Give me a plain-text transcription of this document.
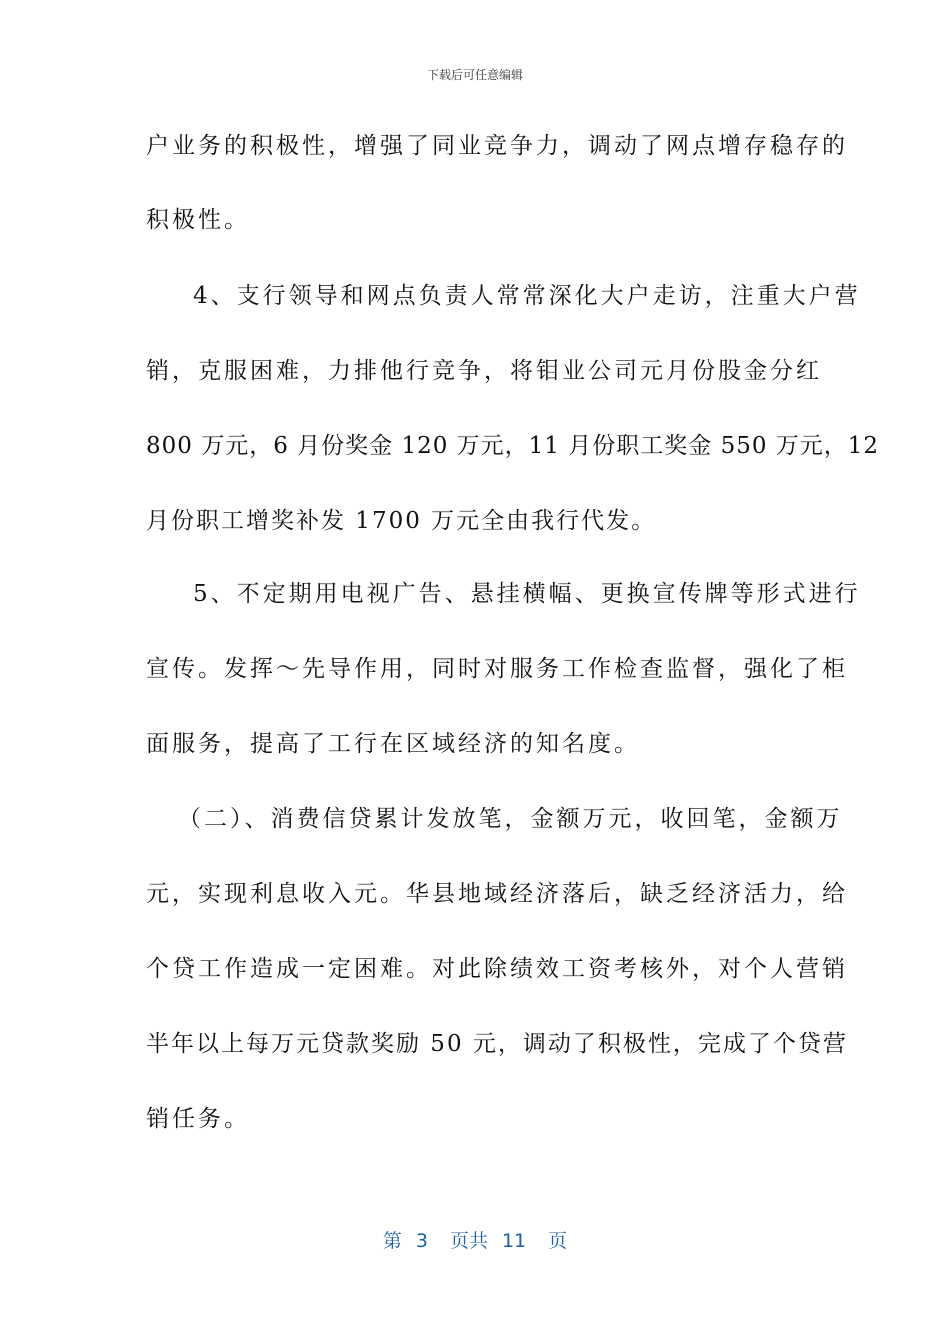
下载后可任意编辑
户业务的积极性，增强了同业竞争力，调动了网点增存稳存的
积极性。
4、支行领导和网点负责人常常深化大户走访，注重大户营
销，克服困难，力排他行竞争，将钼业公司元月份股金分红
800 万元，6 月份奖金 120 万元，11 月份职工奖金 550 万元，12
月份职工增奖补发 1700 万元全由我行代发。
5、不定期用电视广告、悬挂横幅、更换宣传牌等形式进行
宣传。发挥～先导作用，同时对服务工作检查监督，强化了柜
面服务，提高了工行在区域经济的知名度。
（二）、消费信贷累计发放笔，金额万元，收回笔，金额万
元，实现利息收入元。华县地域经济落后，缺乏经济活力，给
个贷工作造成一定困难。对此除绩效工资考核外，对个人营销
半年以上每万元贷款奖励 50 元，调动了积极性，完成了个贷营
销任务。
第 3 页共 11 页
